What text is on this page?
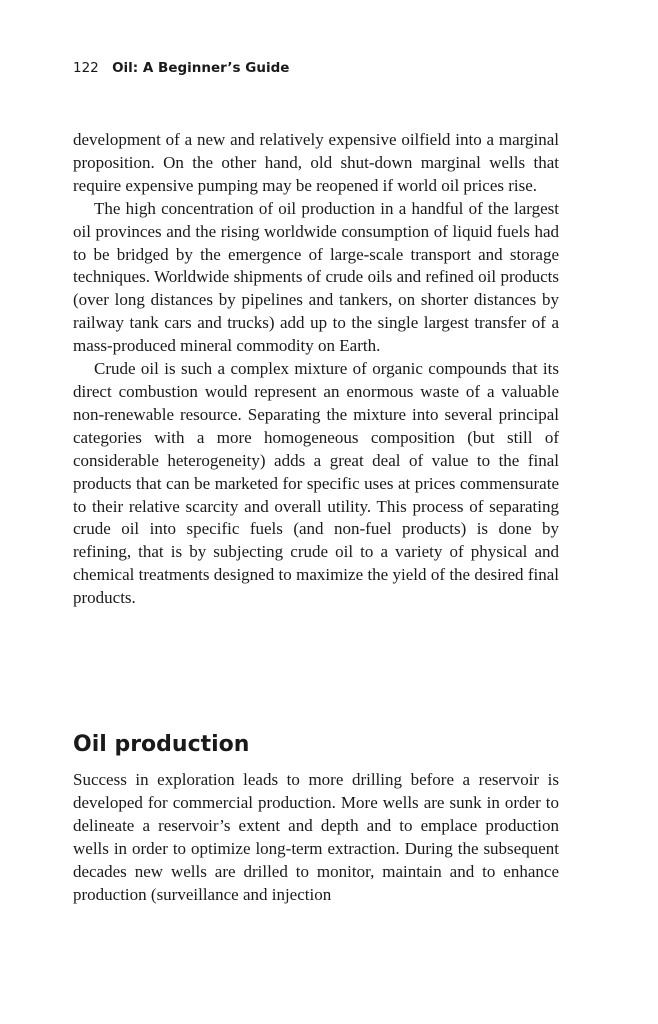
122 Oil: A Beginner’s Guide

development of a new and relatively expensive oilfield into a marginal proposition. On the other hand, old shut-down marginal wells that require expensive pumping may be reopened if world oil prices rise.

The high concentration of oil production in a handful of the largest oil provinces and the rising worldwide consumption of liquid fuels had to be bridged by the emergence of large-scale transport and storage techniques. Worldwide shipments of crude oils and refined oil products (over long distances by pipelines and tankers, on shorter distances by railway tank cars and trucks) add up to the single largest transfer of a mass-produced mineral commodity on Earth.

Crude oil is such a complex mixture of organic compounds that its direct combustion would represent an enormous waste of a valuable non-renewable resource. Separating the mixture into several principal categories with a more homogeneous composition (but still of considerable heterogeneity) adds a great deal of value to the final products that can be marketed for specific uses at prices commensurate to their relative scarcity and overall utility. This process of separating crude oil into specific fuels (and non-fuel products) is done by refining, that is by subjecting crude oil to a variety of physical and chemical treatments designed to maximize the yield of the desired final products.

Oil production

Success in exploration leads to more drilling before a reservoir is developed for commercial production. More wells are sunk in order to delineate a reservoir’s extent and depth and to emplace production wells in order to optimize long-term extraction. During the subsequent decades new wells are drilled to monitor, maintain and to enhance production (surveillance and injection
